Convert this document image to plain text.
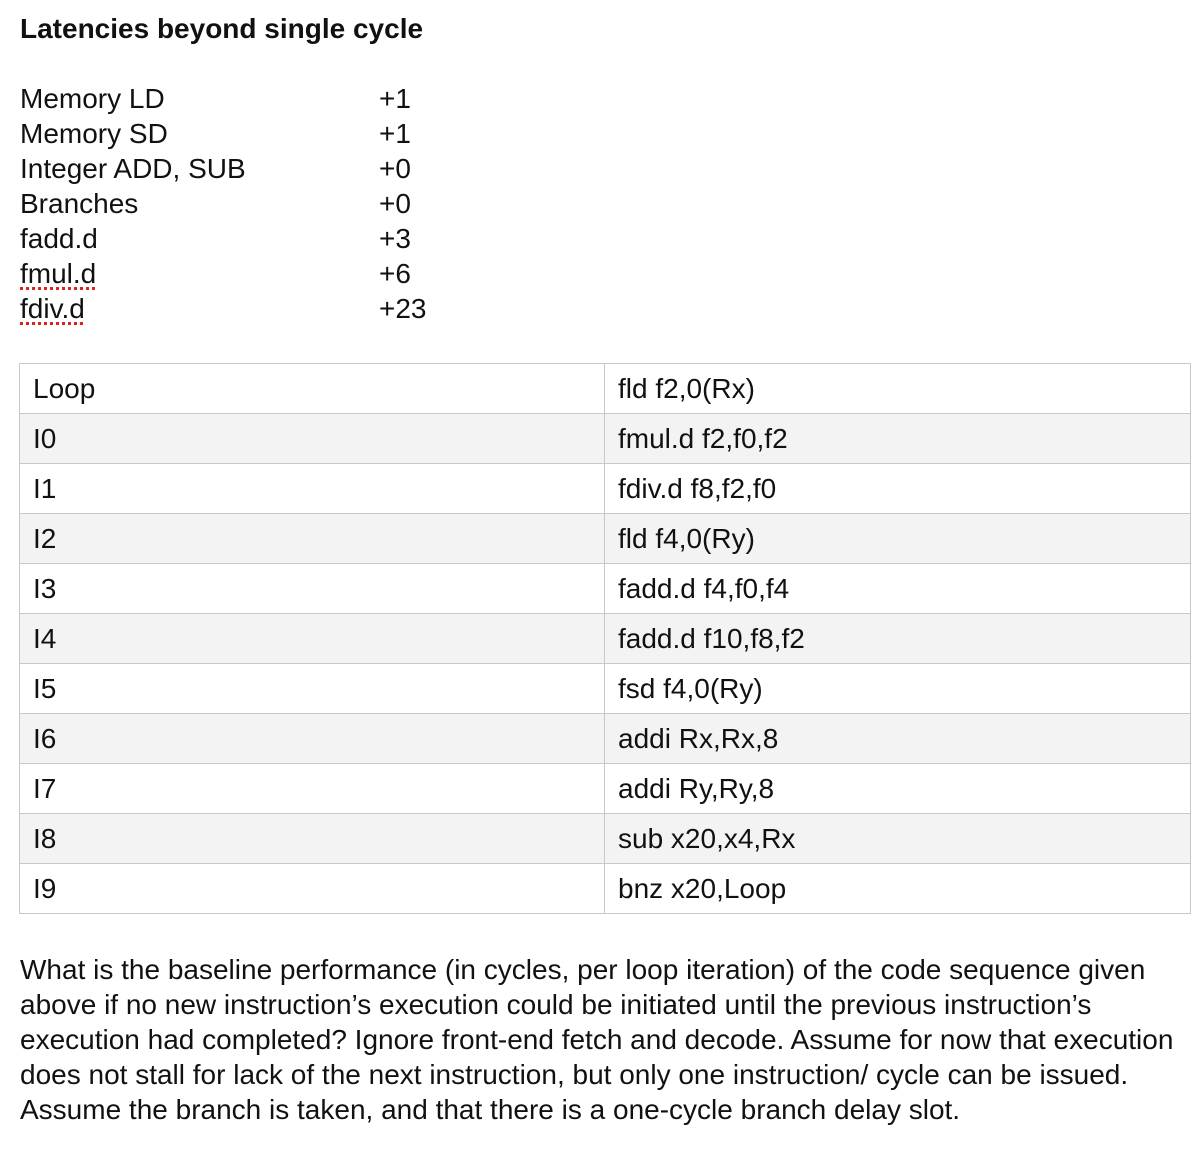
Latencies beyond single cycle
Memory LD	+1
Memory SD	+1
Integer ADD, SUB	+0
Branches	+0
fadd.d	+3
fmul.d	+6
fdiv.d	+23
Loop	fld f2,0(Rx)
I0	fmul.d f2,f0,f2
I1	fdiv.d f8,f2,f0
I2	fld f4,0(Ry)
I3	fadd.d f4,f0,f4
I4	fadd.d f10,f8,f2
I5	fsd f4,0(Ry)
I6	addi Rx,Rx,8
I7	addi Ry,Ry,8
I8	sub x20,x4,Rx
I9	bnz x20,Loop

What is the baseline performance (in cycles, per loop iteration) of the code sequence given above if no new instruction’s execution could be initiated until the previous instruction’s execution had completed? Ignore front-end fetch and decode. Assume for now that execution does not stall for lack of the next instruction, but only one instruction/ cycle can be issued. Assume the branch is taken, and that there is a one-cycle branch delay slot.
